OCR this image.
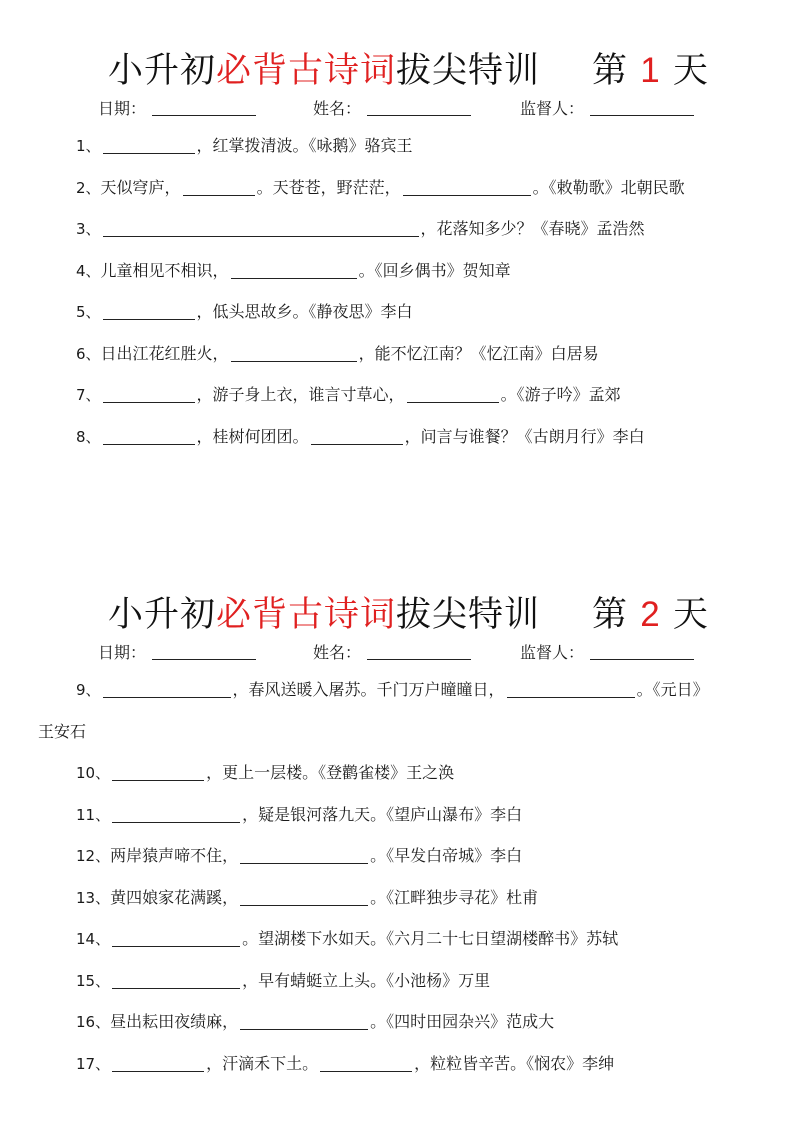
小升初必背古诗词拔尖特训 第 1 天
日期：	姓名：	监督人：
1、	，红掌拨清波。《咏鹅》骆宾王
2、天似穹庐，	。天苍苍，野茫茫，	。《敕勒歌》北朝民歌
3、	，花落知多少？《春晓》孟浩然
4、儿童相见不相识，	。《回乡偶书》贺知章
5、	，低头思故乡。《静夜思》李白
6、日出江花红胜火，	，能不忆江南？《忆江南》白居易
7、	，游子身上衣，谁言寸草心，	。《游子吟》孟郊
8、	，桂树何团团。	，问言与谁餐？《古朗月行》李白
小升初必背古诗词拔尖特训 第 2 天
日期：	姓名：	监督人：
9、	，春风送暖入屠苏。千门万户曈曈日，	。《元日》
王安石
10、	，更上一层楼。《登鹳雀楼》王之涣
11、	，疑是银河落九天。《望庐山瀑布》李白
12、两岸猿声啼不住，	。《早发白帝城》李白
13、黄四娘家花满蹊，	。《江畔独步寻花》杜甫
14、	。望湖楼下水如天。《六月二十七日望湖楼醉书》苏轼
15、	，早有蜻蜓立上头。《小池杨》万里
16、昼出耘田夜绩麻，	。《四时田园杂兴》范成大
17、	，汗滴禾下土。	，粒粒皆辛苦。《悯农》李绅
